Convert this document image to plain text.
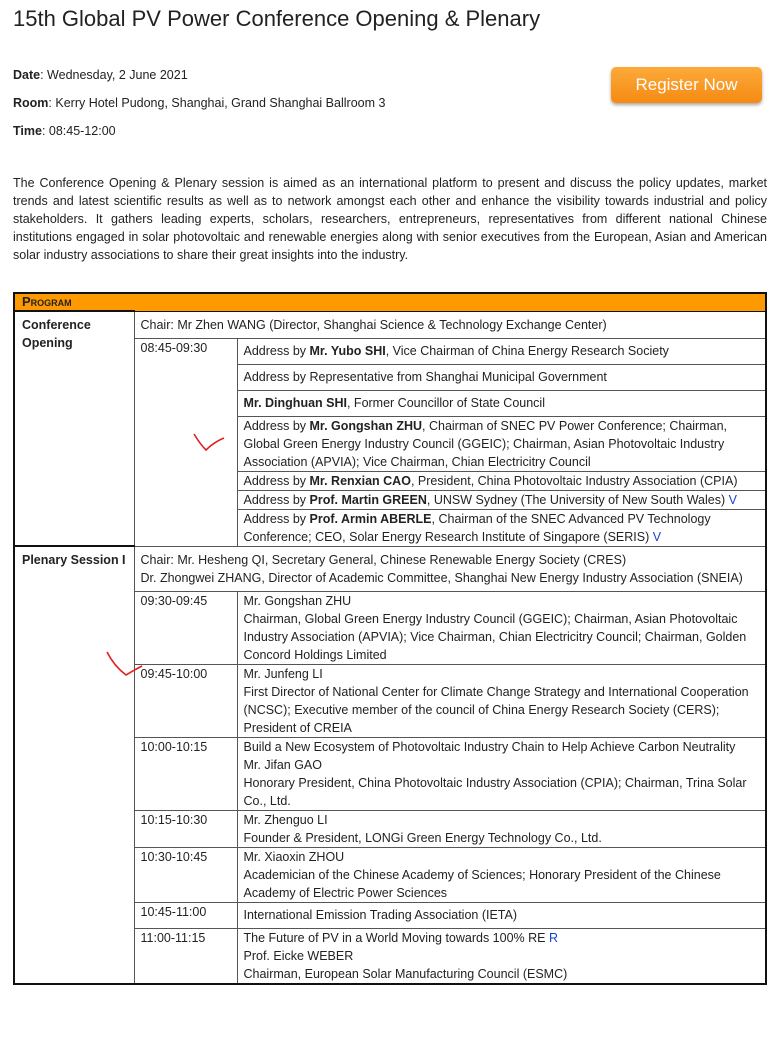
15th Global PV Power Conference Opening & Plenary
Date: Wednesday, 2 June 2021
Room: Kerry Hotel Pudong, Shanghai, Grand Shanghai Ballroom 3
Time: 08:45-12:00
Register Now

The Conference Opening & Plenary session is aimed as an international platform to present and discuss the policy updates, market trends and latest scientific results as well as to network amongst each other and enhance the visibility towards industrial and policy stakeholders. It gathers leading experts, scholars, researchers, entrepreneurs, representatives from different national Chinese institutions engaged in solar photovoltaic and renewable energies along with senior executives from the European, Asian and American solar industry associations to share their great insights into the industry.

Program		
Conference Opening	Chair: Mr Zhen WANG (Director, Shanghai Science & Technology Exchange Center)	

	08:45-09:30	Address by Mr. Yubo SHI, Vice Chairman of China Energy Research Society
		Address by Representative from Shanghai Municipal Government
		Mr. Dinghuan SHI, Former Councillor of State Council
		Address by Mr. Gongshan ZHU, Chairman of SNEC PV Power Conference; Chairman, Global Green Energy Industry Council (GGEIC); Chairman, Asian Photovoltaic Industry Association (APVIA); Vice Chairman, Chian Electricitry Council
		Address by Mr. Renxian CAO, President, China Photovoltaic Industry Association (CPIA)
		Address by Prof. Martin GREEN, UNSW Sydney (The University of New South Wales) V
		Address by Prof. Armin ABERLE, Chairman of the SNEC Advanced PV Technology Conference; CEO, Solar Energy Research Institute of Singapore (SERIS) V
Plenary Session I	Chair: Mr. Hesheng QI, Secretary General, Chinese Renewable Energy Society (CRES)
Dr. Zhongwei ZHANG, Director of Academic Committee, Shanghai New Energy Industry Association (SNEIA)	

	09:30-09:45	Mr. Gongshan ZHU
Chairman, Global Green Energy Industry Council (GGEIC); Chairman, Asian Photovoltaic Industry Association (APVIA); Vice Chairman, Chian Electricitry Council; Chairman, Golden Concord Holdings Limited

	09:45-10:00	Mr. Junfeng LI
First Director of National Center for Climate Change Strategy and International Cooperation (NCSC); Executive member of the council of China Energy Research Society (CERS); President of CREIA

	10:00-10:15	Build a New Ecosystem of Photovoltaic Industry Chain to Help Achieve Carbon Neutrality
Mr. Jifan GAO
Honorary President, China Photovoltaic Industry Association (CPIA); Chairman, Trina Solar Co., Ltd.

	10:15-10:30	Mr. Zhenguo LI
Founder & President, LONGi Green Energy Technology Co., Ltd.

	10:30-10:45	Mr. Xiaoxin ZHOU
Academician of the Chinese Academy of Sciences; Honorary President of the Chinese Academy of Electric Power Sciences

	10:45-11:00	International Emission Trading Association (IETA)

	11:00-11:15	The Future of PV in a World Moving towards 100% RE R
Prof. Eicke WEBER
Chairman, European Solar Manufacturing Council (ESMC)
